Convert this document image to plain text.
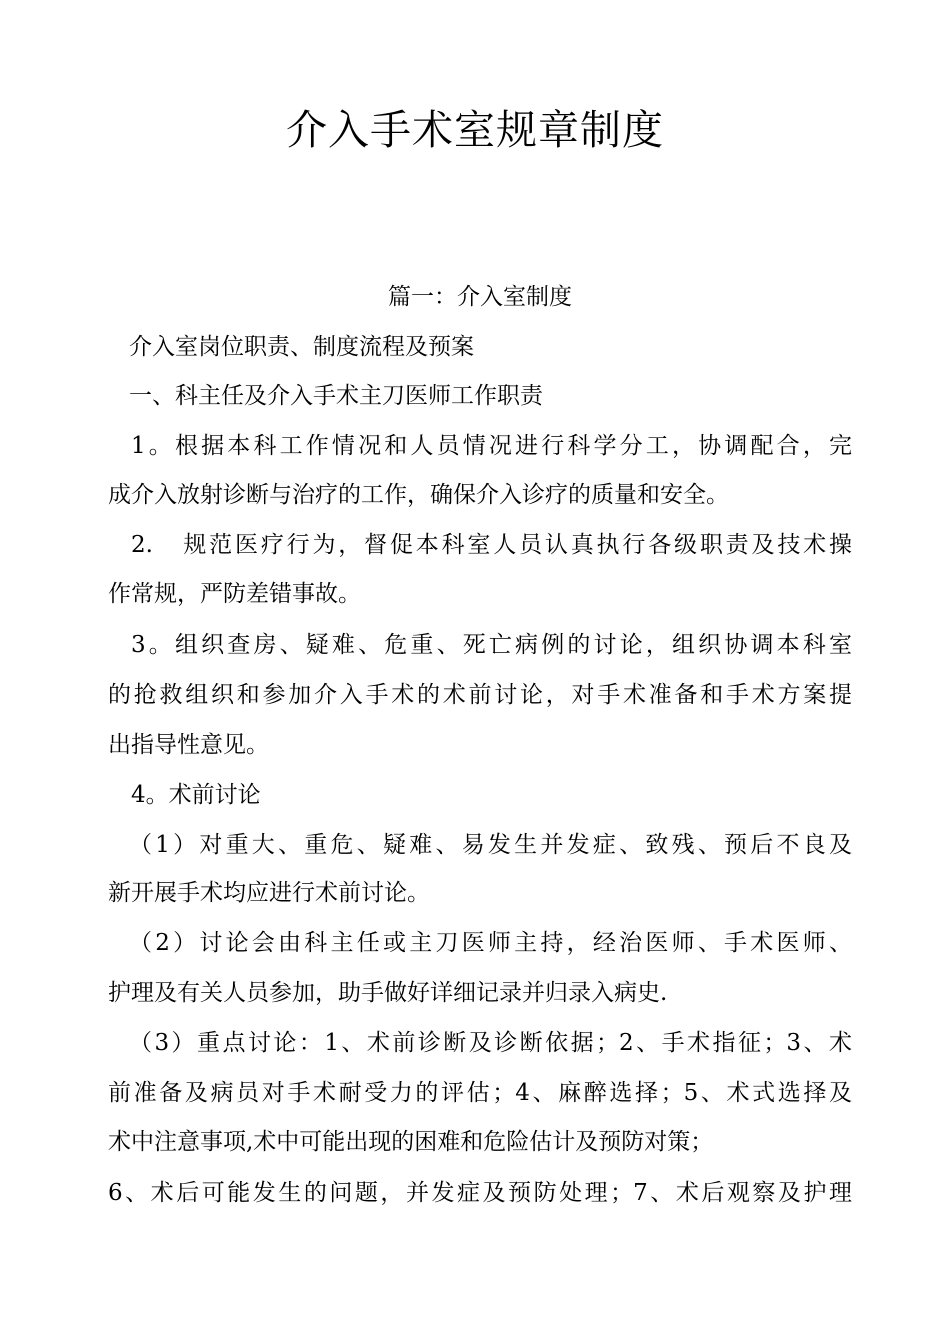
介入手术室规章制度
篇一：介入室制度
介入室岗位职责、制度流程及预案
一、科主任及介入手术主刀医师工作职责
1。根据本科工作情况和人员情况进行科学分工，协调配合，完
成介入放射诊断与治疗的工作，确保介入诊疗的质量和安全。
2.   规范医疗行为，督促本科室人员认真执行各级职责及技术操
作常规，严防差错事故。
3。组织查房、疑难、危重、死亡病例的讨论，组织协调本科室
的抢救组织和参加介入手术的术前讨论，对手术准备和手术方案提
出指导性意见。
4。术前讨论
（1）对重大、重危、疑难、易发生并发症、致残、预后不良及
新开展手术均应进行术前讨论。
（2）讨论会由科主任或主刀医师主持，经治医师、手术医师、
护理及有关人员参加，助手做好详细记录并归录入病史.
（3）重点讨论：1、术前诊断及诊断依据；2、手术指征；3、术
前准备及病员对手术耐受力的评估；4、麻醉选择；5、术式选择及
术中注意事项,术中可能出现的困难和危险估计及预防对策；
6、术后可能发生的问题，并发症及预防处理；7、术后观察及护理
